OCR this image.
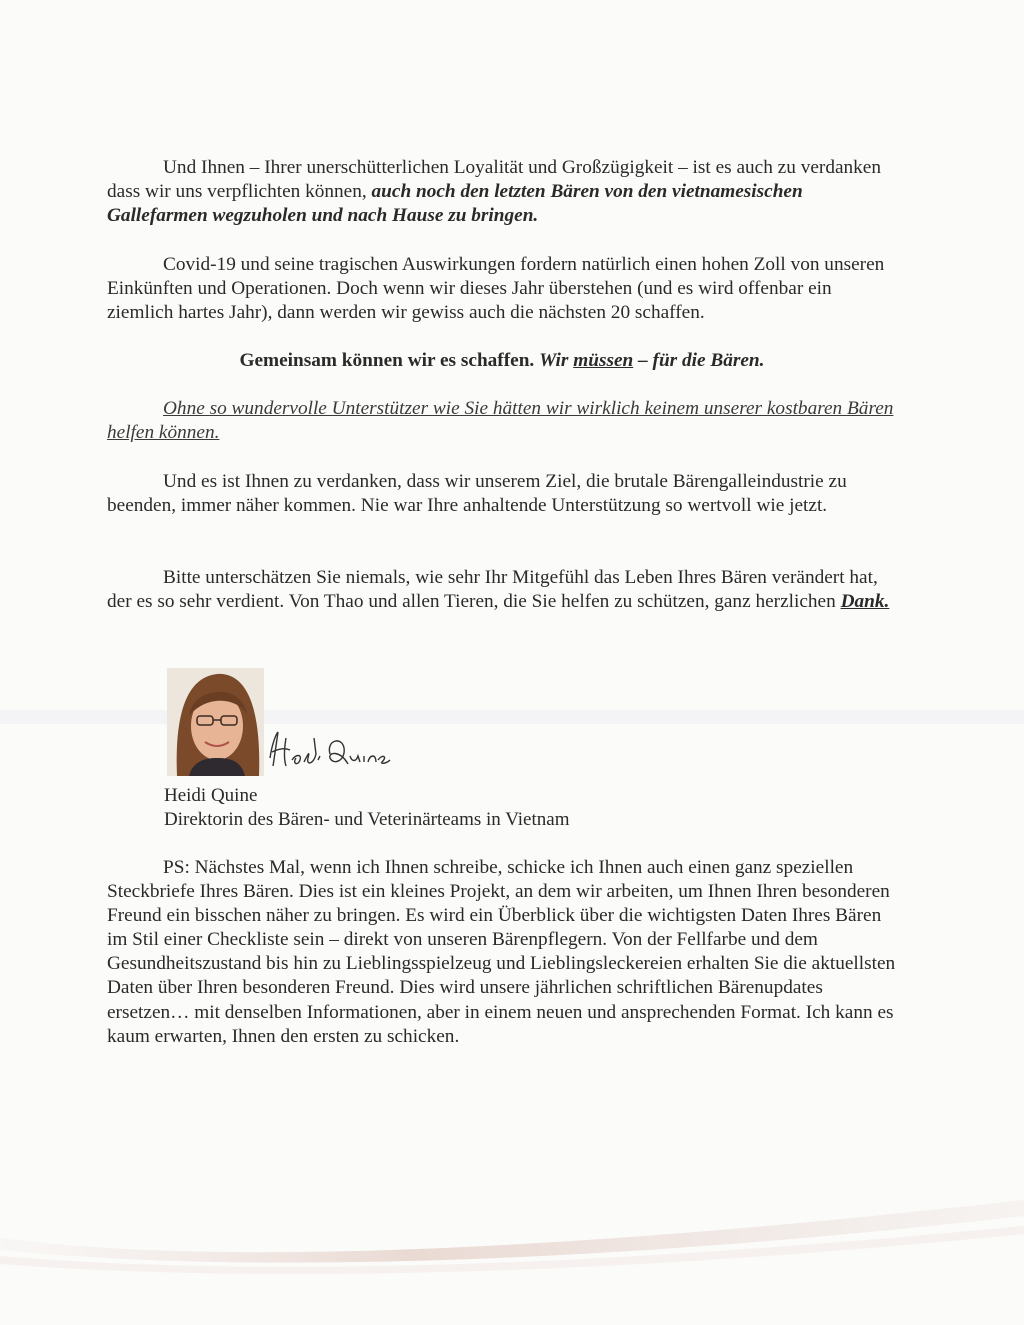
Und Ihnen – Ihrer unerschütterlichen Loyalität und Großzügigkeit – ist es auch zu verdanken dass wir uns verpflichten können, auch noch den letzten Bären von den vietnamesischen Gallefarmen wegzuholen und nach Hause zu bringen.

Covid-19 und seine tragischen Auswirkungen fordern natürlich einen hohen Zoll von unseren Einkünften und Operationen. Doch wenn wir dieses Jahr überstehen (und es wird offenbar ein ziemlich hartes Jahr), dann werden wir gewiss auch die nächsten 20 schaffen.

Gemeinsam können wir es schaffen. Wir müssen – für die Bären.

Ohne so wundervolle Unterstützer wie Sie hätten wir wirklich keinem unserer kostbaren Bären helfen können.

Und es ist Ihnen zu verdanken, dass wir unserem Ziel, die brutale Bärengalleindustrie zu beenden, immer näher kommen. Nie war Ihre anhaltende Unterstützung so wertvoll wie jetzt.

Bitte unterschätzen Sie niemals, wie sehr Ihr Mitgefühl das Leben Ihres Bären verändert hat, der es so sehr verdient. Von Thao und allen Tieren, die Sie helfen zu schützen, ganz herzlichen Dank.

Heidi Quine
Direktorin des Bären- und Veterinärteams in Vietnam

PS: Nächstes Mal, wenn ich Ihnen schreibe, schicke ich Ihnen auch einen ganz speziellen Steckbriefe Ihres Bären. Dies ist ein kleines Projekt, an dem wir arbeiten, um Ihnen Ihren besonderen Freund ein bisschen näher zu bringen. Es wird ein Überblick über die wichtigsten Daten Ihres Bären im Stil einer Checkliste sein – direkt von unseren Bärenpflegern. Von der Fellfarbe und dem Gesundheitszustand bis hin zu Lieblingsspielzeug und Lieblingsleckereien erhalten Sie die aktuellsten Daten über Ihren besonderen Freund. Dies wird unsere jährlichen schriftlichen Bärenupdates ersetzen… mit denselben Informationen, aber in einem neuen und ansprechenden Format. Ich kann es kaum erwarten, Ihnen den ersten zu schicken.
